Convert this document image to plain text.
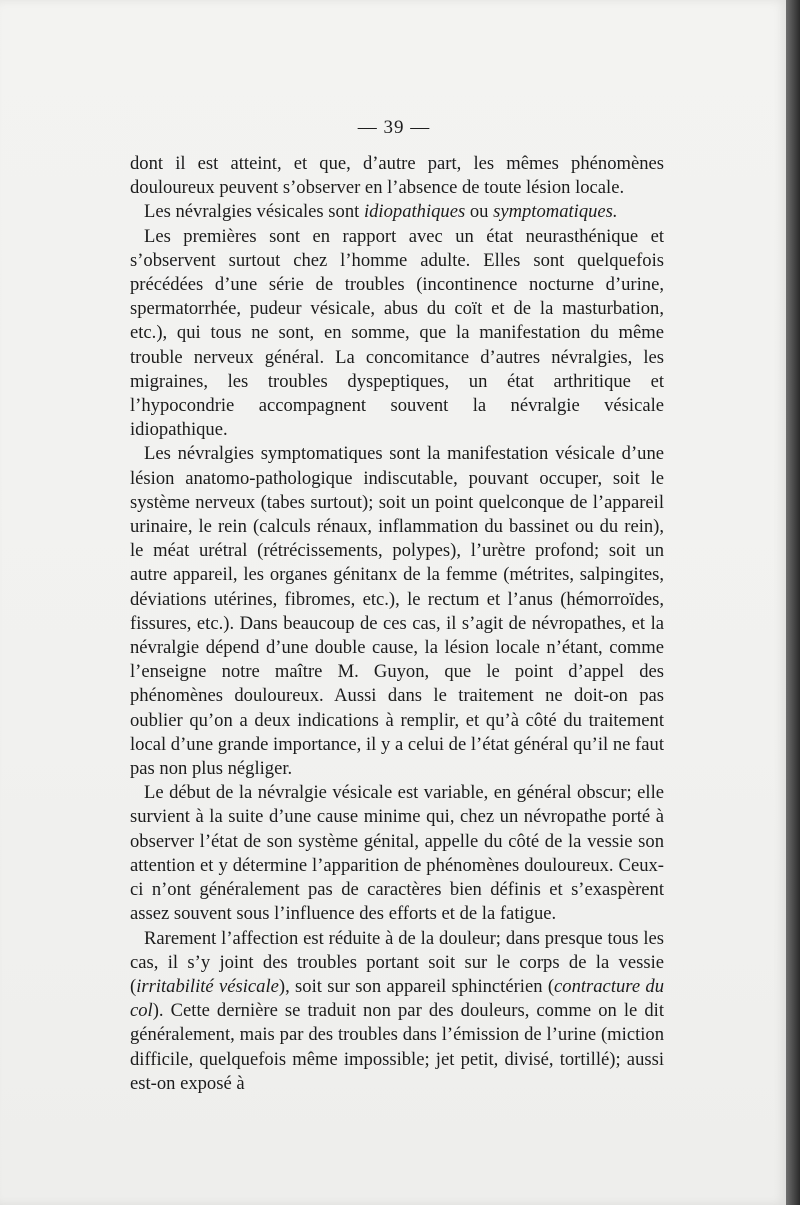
— 39 —

dont il est atteint, et que, d’autre part, les mêmes phénomènes douloureux peuvent s’observer en l’absence de toute lésion locale.

Les névralgies vésicales sont idiopathiques ou symptomatiques.

Les premières sont en rapport avec un état neurasthénique et s’observent surtout chez l’homme adulte. Elles sont quelquefois précédées d’une série de troubles (incontinence nocturne d’urine, spermatorrhée, pudeur vésicale, abus du coït et de la masturbation, etc.), qui tous ne sont, en somme, que la manifestation du même trouble nerveux général. La concomitance d’autres névralgies, les migraines, les troubles dyspeptiques, un état arthritique et l’hypocondrie accompagnent souvent la névralgie vésicale idiopathique.

Les névralgies symptomatiques sont la manifestation vésicale d’une lésion anatomo-pathologique indiscutable, pouvant occuper, soit le système nerveux (tabes surtout); soit un point quelconque de l’appareil urinaire, le rein (calculs rénaux, inflammation du bassinet ou du rein), le méat urétral (rétrécissements, polypes), l’urètre profond; soit un autre appareil, les organes génitanx de la femme (métrites, salpingites, déviations utérines, fibromes, etc.), le rectum et l’anus (hémorroïdes, fissures, etc.). Dans beaucoup de ces cas, il s’agit de névropathes, et la névralgie dépend d’une double cause, la lésion locale n’étant, comme l’enseigne notre maître M. Guyon, que le point d’appel des phénomènes douloureux. Aussi dans le traitement ne doit-on pas oublier qu’on a deux indications à remplir, et qu’à côté du traitement local d’une grande importance, il y a celui de l’état général qu’il ne faut pas non plus négliger.

Le début de la névralgie vésicale est variable, en général obscur; elle survient à la suite d’une cause minime qui, chez un névropathe porté à observer l’état de son système génital, appelle du côté de la vessie son attention et y détermine l’apparition de phénomènes douloureux. Ceux-ci n’ont généralement pas de caractères bien définis et s’exaspèrent assez souvent sous l’influence des efforts et de la fatigue.

Rarement l’affection est réduite à de la douleur; dans presque tous les cas, il s’y joint des troubles portant soit sur le corps de la vessie (irritabilité vésicale), soit sur son appareil sphinctérien (contracture du col). Cette dernière se traduit non par des douleurs, comme on le dit généralement, mais par des troubles dans l’émission de l’urine (miction difficile, quelquefois même impossible; jet petit, divisé, tortillé); aussi est-on exposé à
